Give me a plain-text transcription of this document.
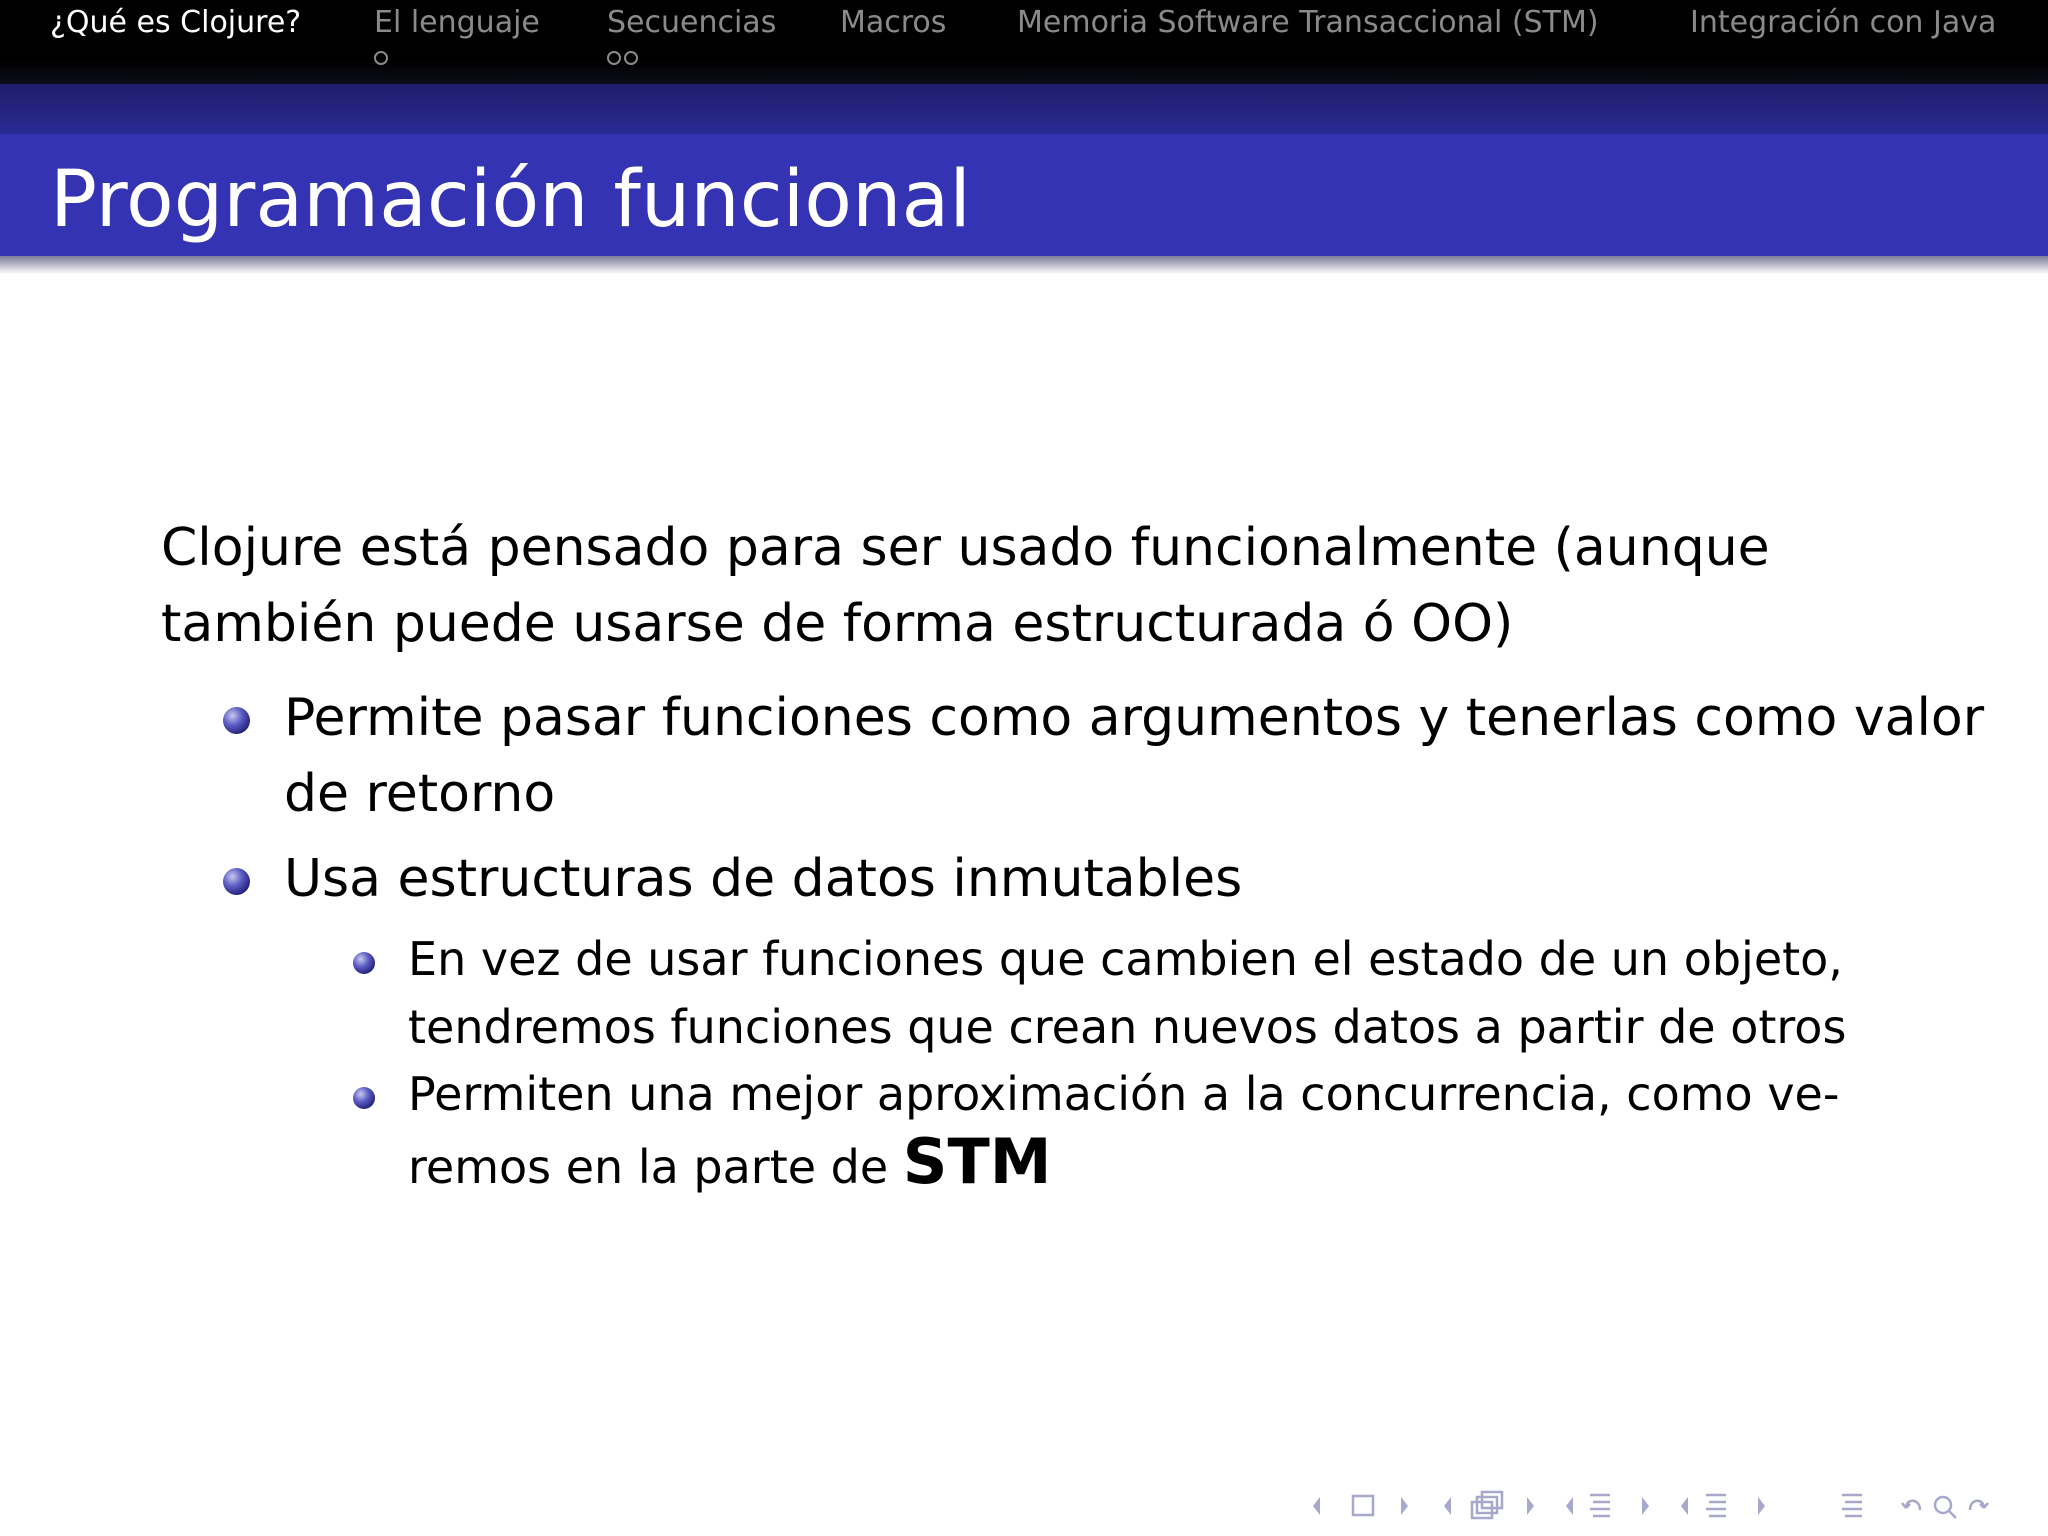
¿Qué es Clojure? El lenguaje Secuencias Macros Memoria Software Transaccional (STM)	Integración con Java
Programación funcional
Clojure está pensado para ser usado funcionalmente (aunque
también puede usarse de forma estructurada ó OO)
Permite pasar funciones como argumentos y tenerlas como valor
de retorno
Usa estructuras de datos inmutables
En vez de usar funciones que cambien el estado de un objeto,
tendremos funciones que crean nuevos datos a partir de otros
Permiten una mejor aproximación a la concurrencia, como ve-
remos en la parte de STM
